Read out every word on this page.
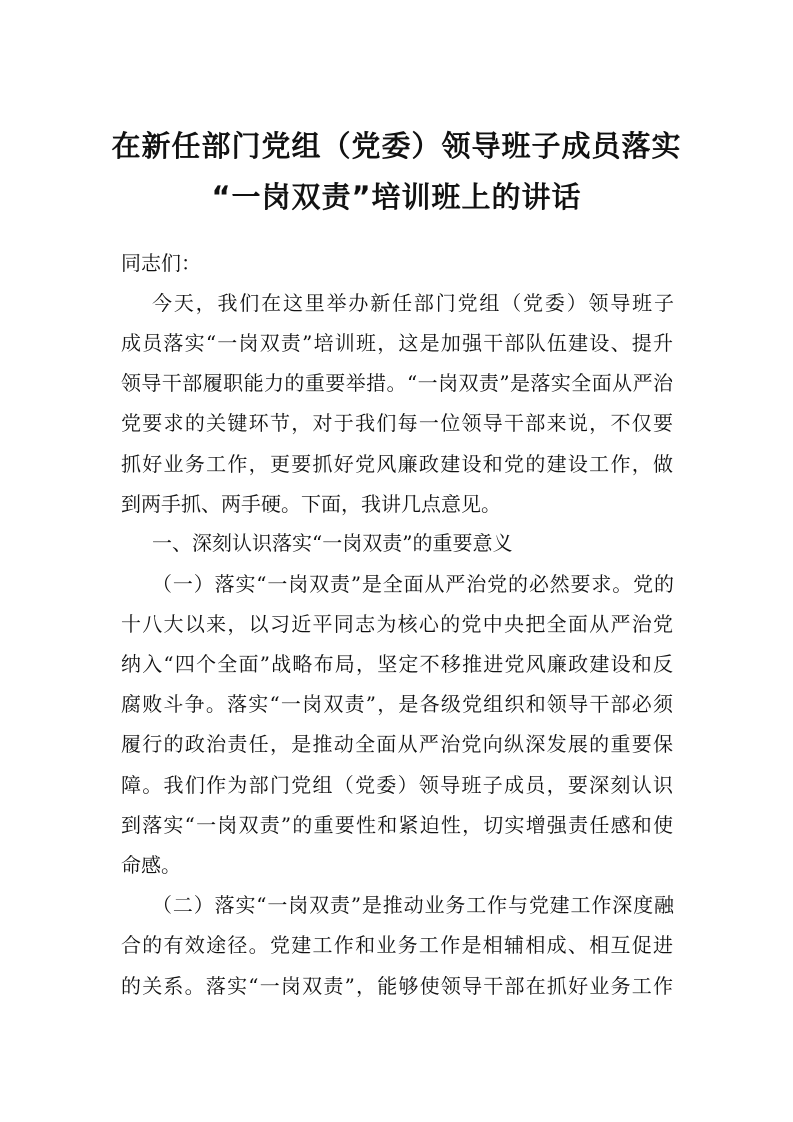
在新任部门党组（党委）领导班子成员落实
“一岗双责”培训班上的讲话
同志们：
今天，我们在这里举办新任部门党组（党委）领导班子
成员落实“一岗双责”培训班，这是加强干部队伍建设、提升
领导干部履职能力的重要举措。“一岗双责”是落实全面从严治
党要求的关键环节，对于我们每一位领导干部来说，不仅要
抓好业务工作，更要抓好党风廉政建设和党的建设工作，做
到两手抓、两手硬。下面，我讲几点意见。
一、深刻认识落实“一岗双责”的重要意义
（一）落实“一岗双责”是全面从严治党的必然要求。党的
十八大以来，以习近平同志为核心的党中央把全面从严治党
纳入“四个全面”战略布局，坚定不移推进党风廉政建设和反
腐败斗争。落实“一岗双责”，是各级党组织和领导干部必须
履行的政治责任，是推动全面从严治党向纵深发展的重要保
障。我们作为部门党组（党委）领导班子成员，要深刻认识
到落实“一岗双责”的重要性和紧迫性，切实增强责任感和使
命感。
（二）落实“一岗双责”是推动业务工作与党建工作深度融
合的有效途径。党建工作和业务工作是相辅相成、相互促进
的关系。落实“一岗双责”，能够使领导干部在抓好业务工作
